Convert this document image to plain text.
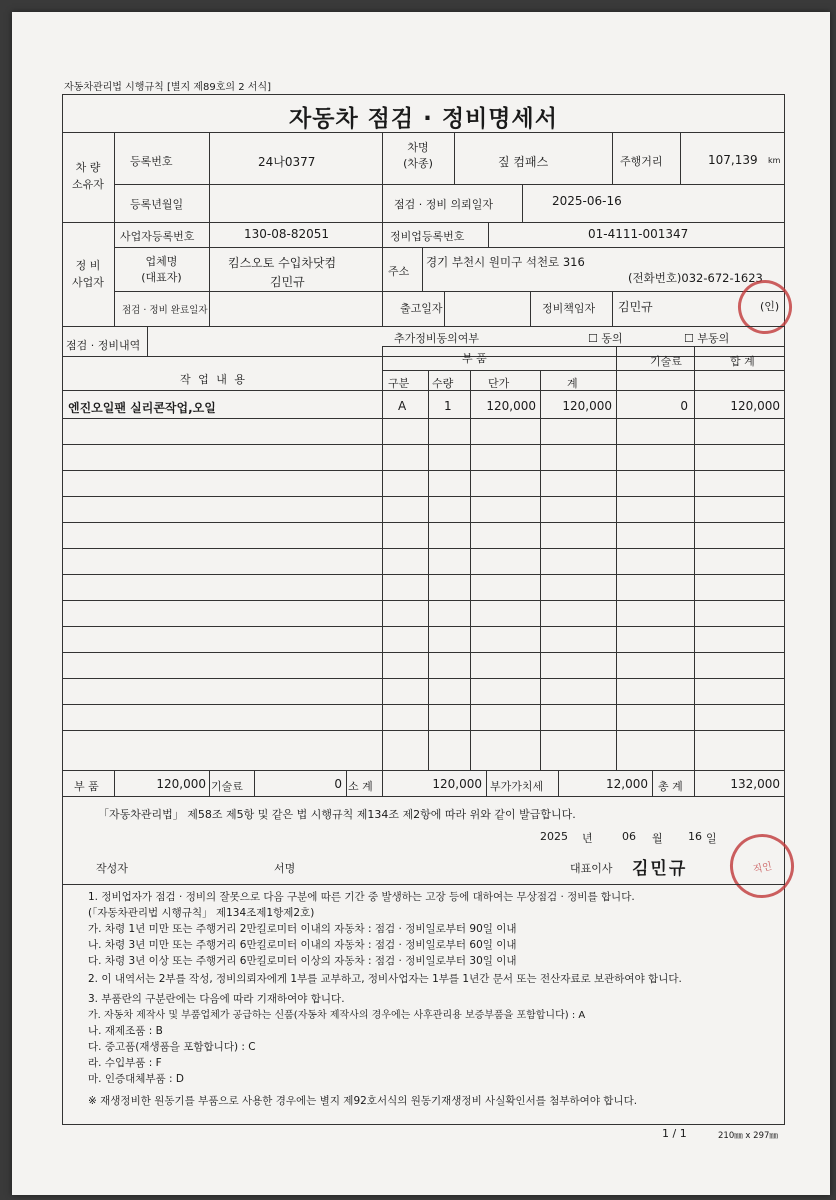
자동차관리법 시행규칙 [별지 제89호의 2 서식]
자동차 점검 · 정비명세서
차 량
소유자
등록번호	24나0377
차명
(차종)	짚 컴패스	주행거리	107,139 km
등록년월일	점검 · 정비 의뢰일자	2025-06-16
정 비
사업자
사업자등록번호	130-08-82051	정비업등록번호	01-4111-001347
업체명
(대표자)
킴스오토 수입차닷컴
김민규
주소
경기 부천시 원미구 석천로 316
(전화번호)032-672-1623
점검 · 정비 완료일자	출고일자	정비책임자 김민규	(인)
점검 · 정비내역
추가정비동의여부	☐ 동의	☐ 부동의
작 업 내 용
부 품	기술료	합 계
구분 수량	단가	계
엔진오일팬 실리콘작업,오일	A	1	120,000	120,000	0	120,000
부 품	120,000 기술료	0 소 계	120,000 부가가치세	12,000 총 계	132,000
「자동차관리법」 제58조 제5항 및 같은 법 시행규칙 제134조 제2항에 따라 위와 같이 발급합니다.
2025 년	06 월 16 일
작성자	서명	대표이사 김민규	직인
1. 정비업자가 점검 · 정비의 잘못으로 다음 구분에 따른 기간 중 발생하는 고장 등에 대하여는 무상점검 · 정비를 합니다.
(「자동차관리법 시행규칙」 제134조제1항제2호)
가. 차령 1년 미만 또는 주행거리 2만킬로미터 이내의 자동차 : 점검 · 정비일로부터 90일 이내
나. 차령 3년 미만 또는 주행거리 6만킬로미터 이내의 자동차 : 점검 · 정비일로부터 60일 이내
다. 차령 3년 이상 또는 주행거리 6만킬로미터 이상의 자동차 : 점검 · 정비일로부터 30일 이내
2. 이 내역서는 2부를 작성, 정비의뢰자에게 1부를 교부하고, 정비사업자는 1부를 1년간 문서 또는 전산자료로 보관하여야 합니다.
3. 부품란의 구분란에는 다음에 따라 기재하여야 합니다.
가. 자동차 제작사 및 부품업체가 공급하는 신품(자동차 제작사의 경우에는 사후관리용 보증부품을 포함합니다) : A
나. 재제조품 : B
다. 중고품(재생품을 포함합니다) : C
라. 수입부품 : F
마. 인증대체부품 : D
※ 재생정비한 원동기를 부품으로 사용한 경우에는 별지 제92호서식의 원동기재생정비 사실확인서를 첨부하여야 합니다.
1 / 1	210㎜ x 297㎜
